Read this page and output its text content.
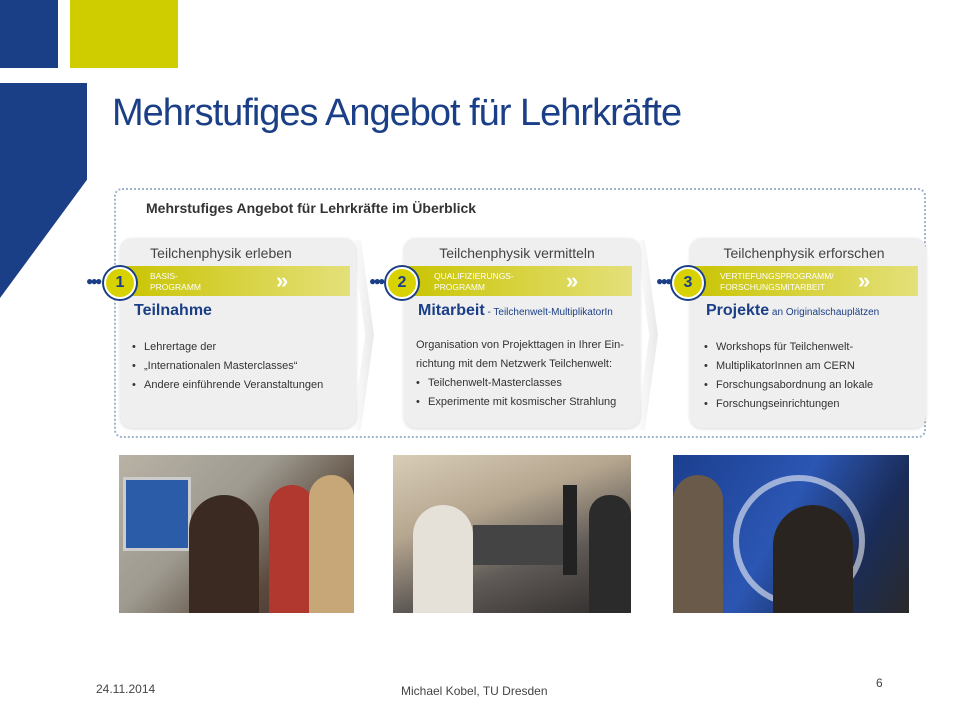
Mehrstufiges Angebot für Lehrkräfte
Mehrstufiges Angebot für Lehrkräfte im Überblick
Teilchenphysik erleben
BASIS-
PROGRAMM	»
● ● ●	1
Teilnahme
• Lehrertage der
• „Internationalen Masterclasses“
• Andere einführende Veranstaltungen
Teilchenphysik vermitteln
QUALIFIZIERUNGS-
PROGRAMM	»
● ● ● 2
Mitarbeit - Teilchenwelt-MultiplikatorIn
Organisation von Projekttagen in Ihrer Ein-
richtung mit dem Netzwerk Teilchenwelt:
• Teilchenwelt-Masterclasses
• Experimente mit kosmischer Strahlung
Teilchenphysik erforschen
VERTIEFUNGSPROGRAMM/
FORSCHUNGSMITARBEIT	»
● ● ● 3
Projekte an Originalschauplätzen
• Workshops für Teilchenwelt-
• MultiplikatorInnen am CERN
• Forschungsabordnung an lokale
• Forschungseinrichtungen
24.11.2014	Michael Kobel, TU Dresden
6
